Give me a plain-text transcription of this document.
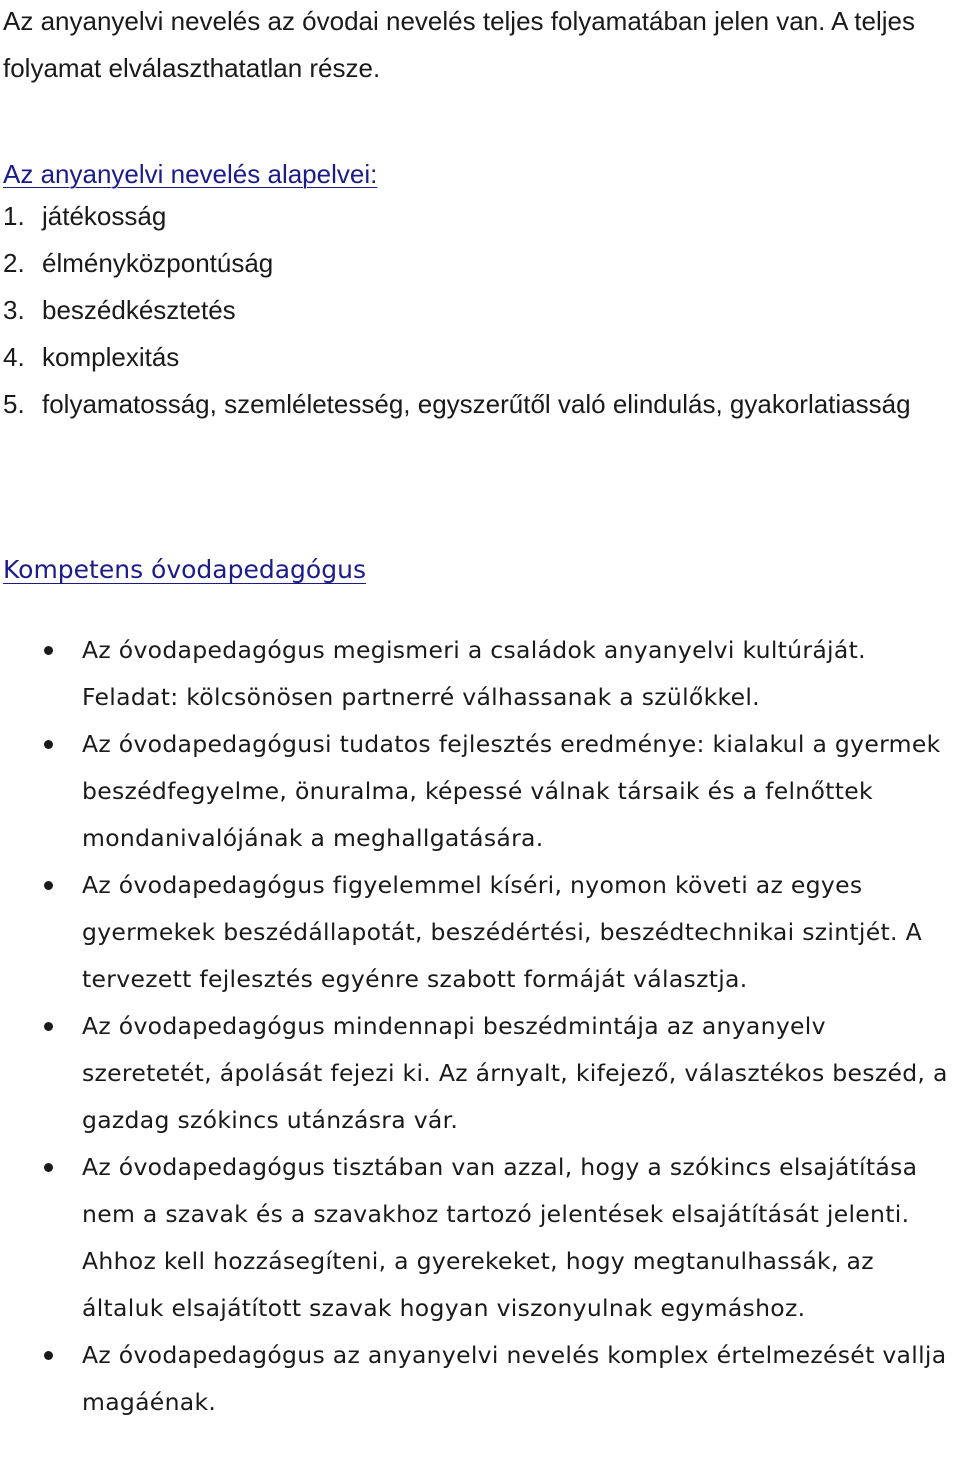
Az anyanyelvi nevelés az óvodai nevelés teljes folyamatában jelen van. A teljes folyamat elválaszthatatlan része.

Az anyanyelvi nevelés alapelvei:
1. játékosság
2. élményközpontúság
3. beszédkésztetés
4. komplexitás
5. folyamatosság, szemléletesség, egyszerűtől való elindulás, gyakorlatiasság
Kompetens óvodapedagógus
Az óvodapedagógus megismeri a családok anyanyelvi kultúráját. Feladat: kölcsönösen partnerré válhassanak a szülőkkel.
Az óvodapedagógusi tudatos fejlesztés eredménye: kialakul a gyermek beszédfegyelme, önuralma, képessé válnak társaik és a felnőttek mondanivalójának a meghallgatására.
Az óvodapedagógus figyelemmel kíséri, nyomon követi az egyes gyermekek beszédállapotát, beszédértési, beszédtechnikai szintjét. A tervezett fejlesztés egyénre szabott formáját választja.
Az óvodapedagógus mindennapi beszédmintája az anyanyelv szeretetét, ápolását fejezi ki. Az árnyalt, kifejező, választékos beszéd, a gazdag szókincs utánzásra vár.
Az óvodapedagógus tisztában van azzal, hogy a szókincs elsajátítása nem a szavak és a szavakhoz tartozó jelentések elsajátítását jelenti. Ahhoz kell hozzásegíteni, a gyerekeket, hogy megtanulhassák, az általuk elsajátított szavak hogyan viszonyulnak egymáshoz.
Az óvodapedagógus az anyanyelvi nevelés komplex értelmezését vallja magáénak.
